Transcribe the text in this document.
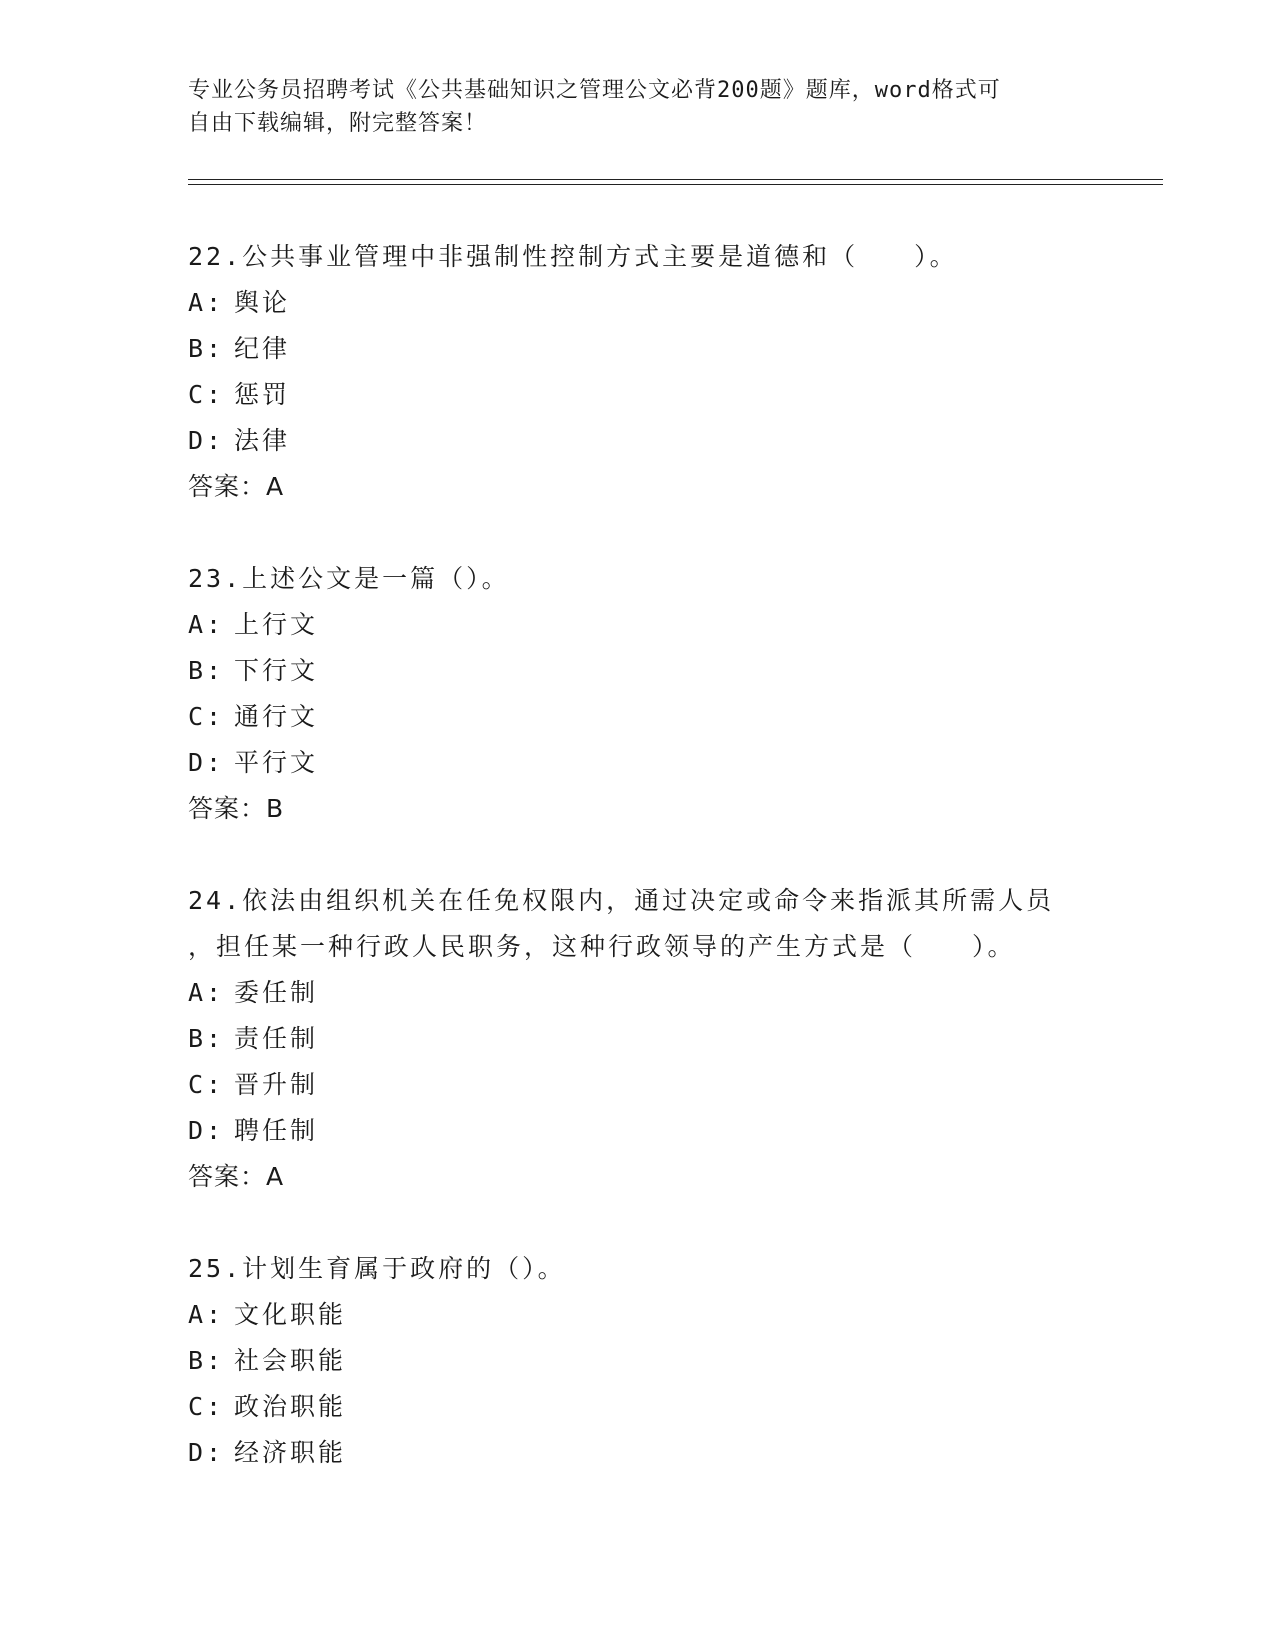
专业公务员招聘考试《公共基础知识之管理公文必背200题》题库，word格式可
自由下载编辑，附完整答案！
22.公共事业管理中非强制性控制方式主要是道德和（　　）。
A: 舆论
B: 纪律
C: 惩罚
D: 法律
答案：A
23.上述公文是一篇（）。
A: 上行文
B: 下行文
C: 通行文
D: 平行文
答案：B
24.依法由组织机关在任免权限内，通过决定或命令来指派其所需人员
，担任某一种行政人民职务，这种行政领导的产生方式是（　　）。
A: 委任制
B: 责任制
C: 晋升制
D: 聘任制
答案：A
25.计划生育属于政府的（）。
A: 文化职能
B: 社会职能
C: 政治职能
D: 经济职能
